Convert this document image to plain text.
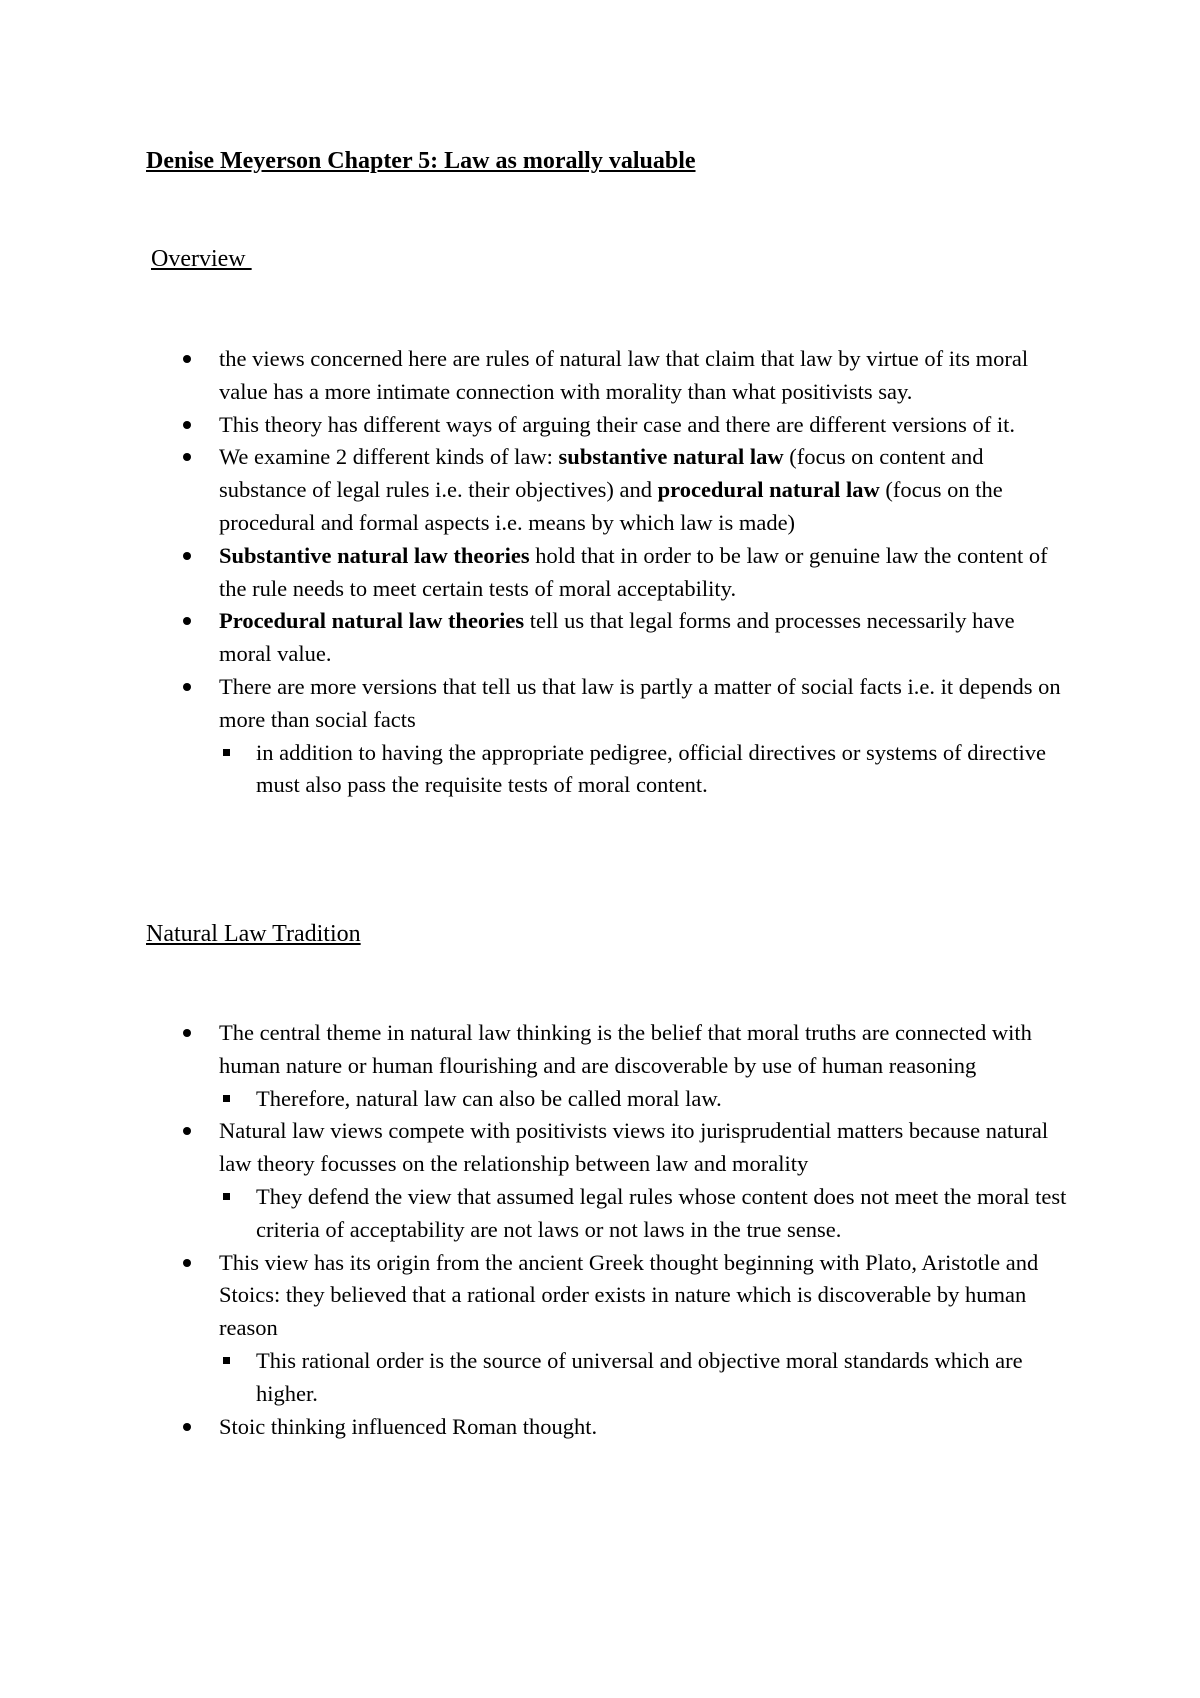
Denise Meyerson Chapter 5: Law as morally valuable
Overview
the views concerned here are rules of natural law that claim that law by virtue of its moral value has a more intimate connection with morality than what positivists say.
This theory has different ways of arguing their case and there are different versions of it.
We examine 2 different kinds of law: substantive natural law (focus on content and substance of legal rules i.e. their objectives) and procedural natural law (focus on the procedural and formal aspects i.e. means by which law is made)
Substantive natural law theories hold that in order to be law or genuine law the content of the rule needs to meet certain tests of moral acceptability.
Procedural natural law theories tell us that legal forms and processes necessarily have moral value.
There are more versions that tell us that law is partly a matter of social facts i.e. it depends on more than social facts
in addition to having the appropriate pedigree, official directives or systems of directive must also pass the requisite tests of moral content.
Natural Law Tradition
The central theme in natural law thinking is the belief that moral truths are connected with human nature or human flourishing and are discoverable by use of human reasoning
Therefore, natural law can also be called moral law.
Natural law views compete with positivists views ito jurisprudential matters because natural law theory focusses on the relationship between law and morality
They defend the view that assumed legal rules whose content does not meet the moral test criteria of acceptability are not laws or not laws in the true sense.
This view has its origin from the ancient Greek thought beginning with Plato, Aristotle and Stoics: they believed that a rational order exists in nature which is discoverable by human reason
This rational order is the source of universal and objective moral standards which are higher.
Stoic thinking influenced Roman thought.
